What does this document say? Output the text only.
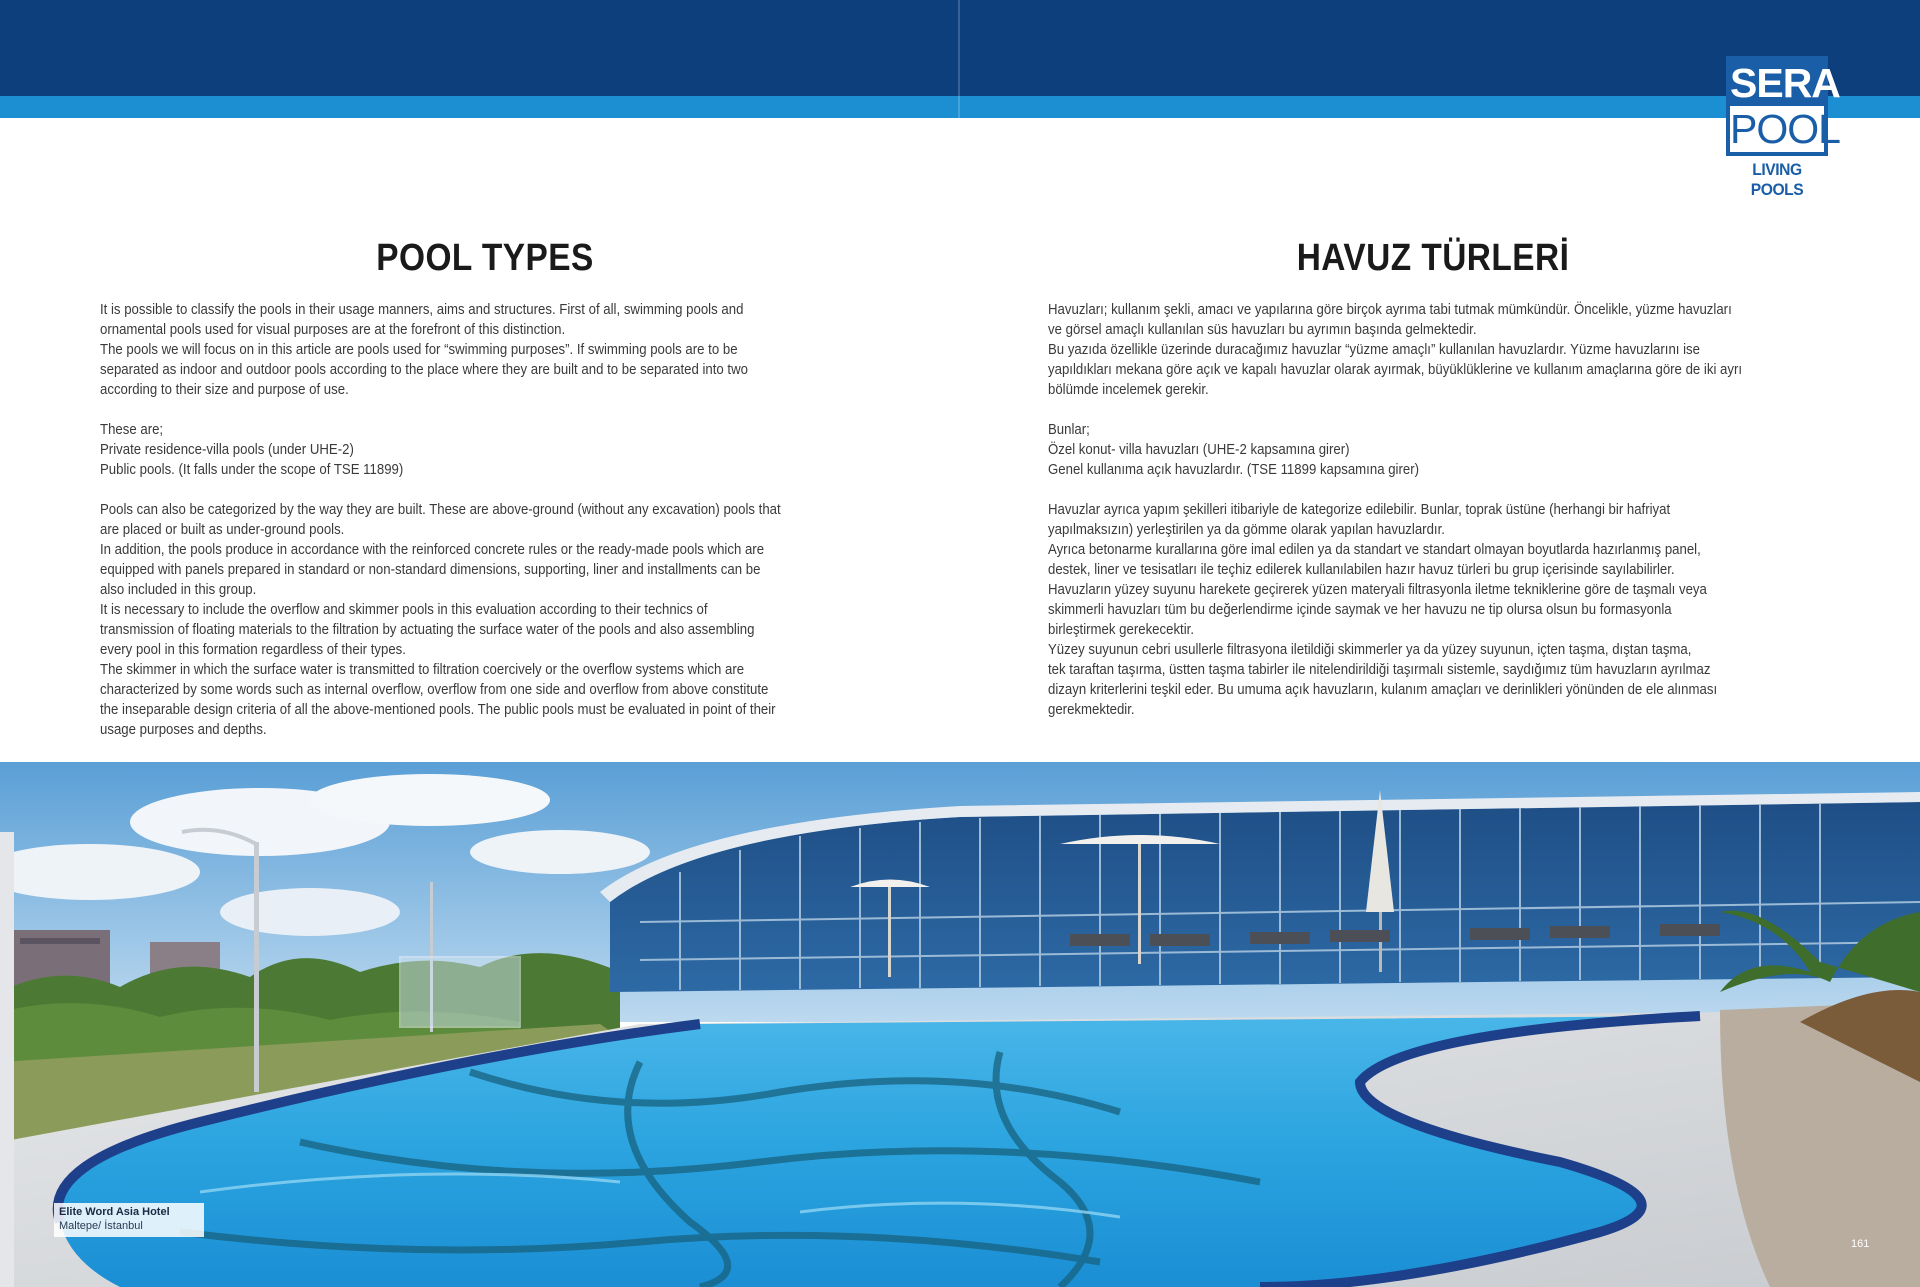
SERA
POOL
LIVING POOLS
POOL TYPES

It is possible to classify the pools in their usage manners, aims and structures. First of all, swimming pools and

ornamental pools used for visual purposes are at the forefront of this distinction.

The pools we will focus on in this article are pools used for “swimming purposes”. If swimming pools are to be

separated as indoor and outdoor pools according to the place where they are built and to be separated into two

according to their size and purpose of use.

These are;

Private residence-villa pools (under UHE-2)

Public pools. (It falls under the scope of TSE 11899)

Pools can also be categorized by the way they are built. These are above-ground (without any excavation) pools that

are placed or built as under-ground pools.

In addition, the pools produce in accordance with the reinforced concrete rules or the ready-made pools which are

equipped with panels prepared in standard or non-standard dimensions, supporting, liner and installments can be

also included in this group.

It is necessary to include the overflow and skimmer pools in this evaluation according to their technics of

transmission of floating materials to the filtration by actuating the surface water of the pools and also assembling

every pool in this formation regardless of their types.

The skimmer in which the surface water is transmitted to filtration coercively or the overflow systems which are

characterized by some words such as internal overflow, overflow from one side and overflow from above constitute

the inseparable design criteria of all the above-mentioned pools. The public pools must be evaluated in point of their

usage purposes and depths.

HAVUZ TÜRLERİ

Havuzları; kullanım şekli, amacı ve yapılarına göre birçok ayrıma tabi tutmak mümkündür. Öncelikle, yüzme havuzları

ve görsel amaçlı kullanılan süs havuzları bu ayrımın başında gelmektedir.

Bu yazıda özellikle üzerinde duracağımız havuzlar “yüzme amaçlı” kullanılan havuzlardır. Yüzme havuzlarını ise

yapıldıkları mekana göre açık ve kapalı havuzlar olarak ayırmak, büyüklüklerine ve kullanım amaçlarına göre de iki ayrı

bölümde incelemek gerekir.

Bunlar;

Özel konut- villa havuzları (UHE-2 kapsamına girer)

Genel kullanıma açık havuzlardır. (TSE 11899 kapsamına girer)

Havuzlar ayrıca yapım şekilleri itibariyle de kategorize edilebilir. Bunlar, toprak üstüne (herhangi bir hafriyat

yapılmaksızın) yerleştirilen ya da gömme olarak yapılan havuzlardır.

Ayrıca betonarme kurallarına göre imal edilen ya da standart ve standart olmayan boyutlarda hazırlanmış panel,

destek, liner ve tesisatları ile teçhiz edilerek kullanılabilen hazır havuz türleri bu grup içerisinde sayılabilirler.

Havuzların yüzey suyunu harekete geçirerek yüzen materyali filtrasyonla iletme tekniklerine göre de taşmalı veya

skimmerli havuzları tüm bu değerlendirme içinde saymak ve her havuzu ne tip olursa olsun bu formasyonla

birleştirmek gerekecektir.

Yüzey suyunun cebri usullerle filtrasyona iletildiği skimmerler ya da yüzey suyunun, içten taşma, dıştan taşma,

tek taraftan taşırma, üstten taşma tabirler ile nitelendirildiği taşırmalı sistemle, saydığımız tüm havuzların ayrılmaz

dizayn kriterlerini teşkil eder. Bu umuma açık havuzların, kulanım amaçları ve derinlikleri yönünden de ele alınması

gerekmektedir.

Elite Word Asia Hotel
Maltepe/ İstanbul
161
